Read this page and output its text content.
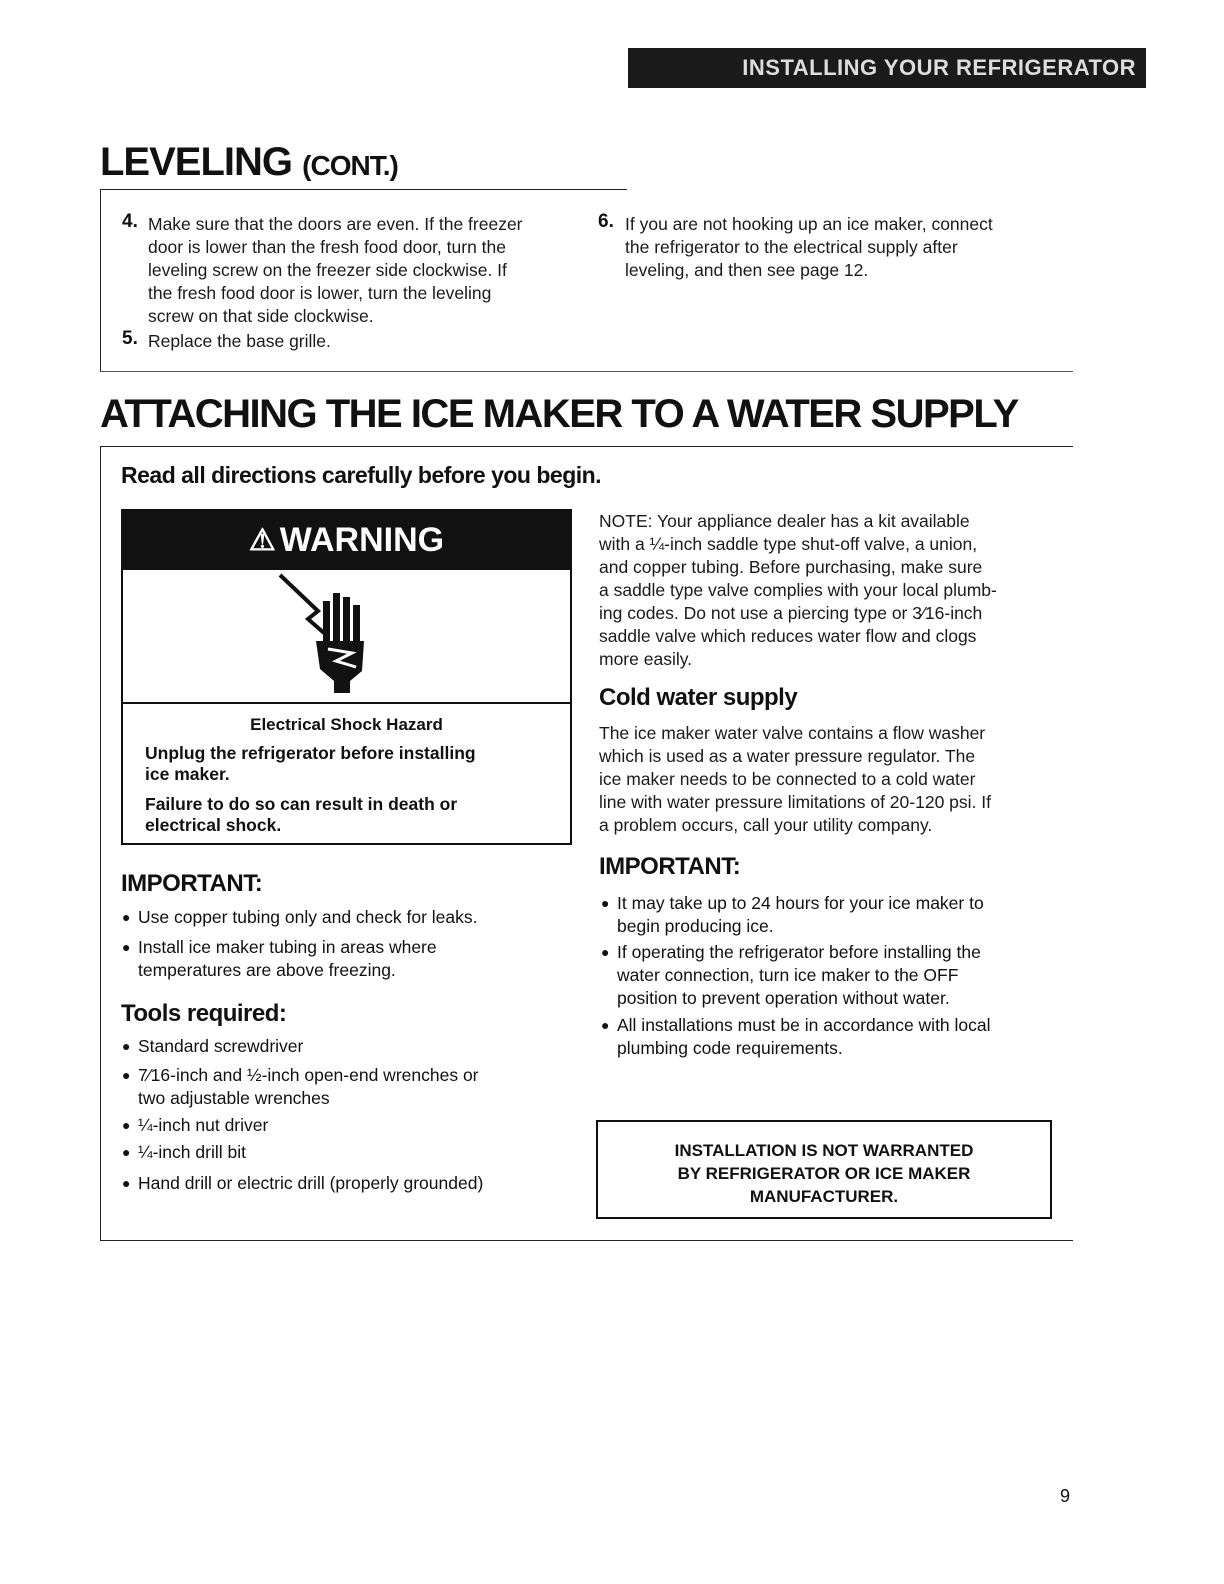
INSTALLING YOUR REFRIGERATOR
LEVELING (CONT.)
4. Make sure that the doors are even. If the freezer
door is lower than the fresh food door, turn the
leveling screw on the freezer side clockwise. If
the fresh food door is lower, turn the leveling
screw on that side clockwise.
5. Replace the base grille.
6. If you are not hooking up an ice maker, connect
the refrigerator to the electrical supply after
leveling, and then see page 12.
ATTACHING THE ICE MAKER TO A WATER SUPPLY
Read all directions carefully before you begin.
⚠ WARNING
Electrical Shock Hazard
Unplug the refrigerator before installing
ice maker.
Failure to do so can result in death or
electrical shock.
IMPORTANT:
● Use copper tubing only and check for leaks.
● Install ice maker tubing in areas where
temperatures are above freezing.
Tools required:
● Standard screwdriver
● 7⁄16-inch and ½-inch open-end wrenches or
two adjustable wrenches
● ¼-inch nut driver
● ¼-inch drill bit
● Hand drill or electric drill (properly grounded)
NOTE: Your appliance dealer has a kit available
with a ¼-inch saddle type shut-off valve, a union,
and copper tubing. Before purchasing, make sure
a saddle type valve complies with your local plumb-
ing codes. Do not use a piercing type or 3⁄16-inch
saddle valve which reduces water flow and clogs
more easily.
Cold water supply
The ice maker water valve contains a flow washer
which is used as a water pressure regulator. The
ice maker needs to be connected to a cold water
line with water pressure limitations of 20-120 psi. If
a problem occurs, call your utility company.
IMPORTANT:
● It may take up to 24 hours for your ice maker to
begin producing ice.
● If operating the refrigerator before installing the
water connection, turn ice maker to the OFF
position to prevent operation without water.
● All installations must be in accordance with local
plumbing code requirements.
INSTALLATION IS NOT WARRANTED
BY REFRIGERATOR OR ICE MAKER
MANUFACTURER.
9
